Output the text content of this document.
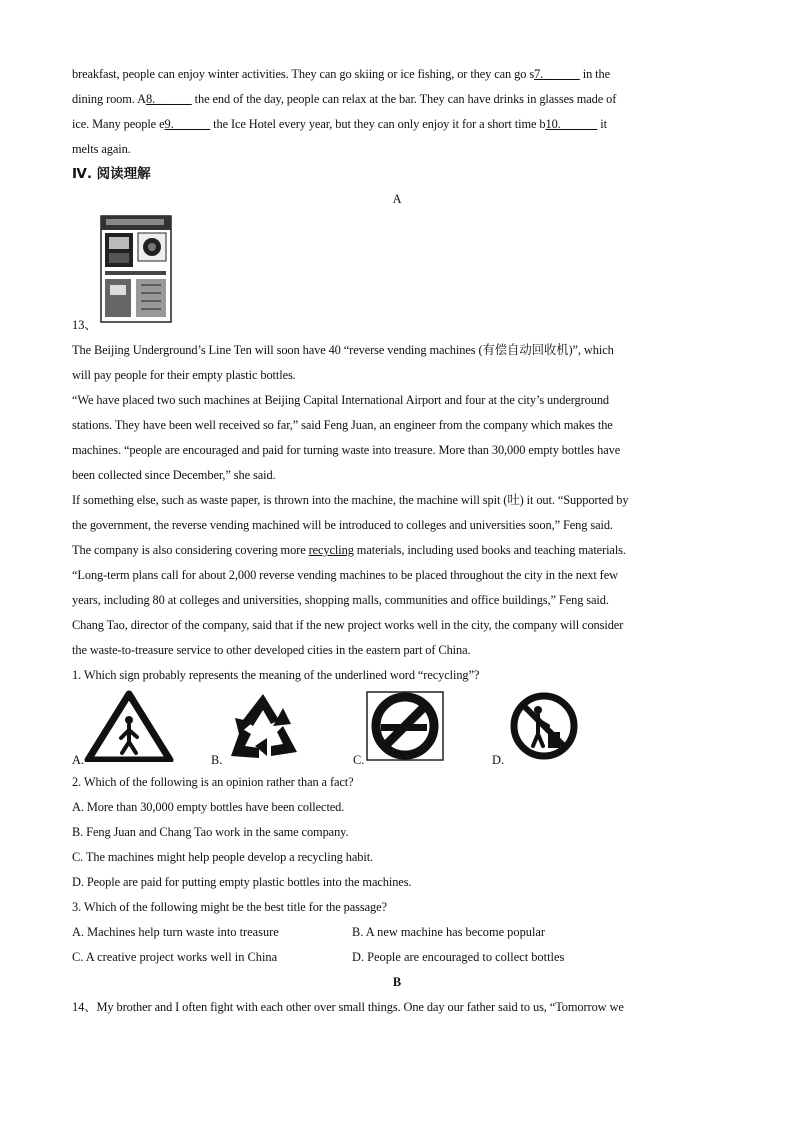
breakfast, people can enjoy winter activities. They can go skiing or ice fishing, or they can go s7.______ in the
dining room. A8.______ the end of the day, people can relax at the bar. They can have drinks in glasses made of
ice. Many people e9.______ the Ice Hotel every year, but they can only enjoy it for a short time b10.______ it
melts again.
Ⅳ. 阅读理解
A
13、
The Beijing Underground’s Line Ten will soon have 40 “reverse vending machines (有偿自动回收机)”, which
will pay people for their empty plastic bottles.
“We have placed two such machines at Beijing Capital International Airport and four at the city’s underground
stations. They have been well received so far,” said Feng Juan, an engineer from the company which makes the
machines. “people are encouraged and paid for turning waste into treasure. More than 30,000 empty bottles have
been collected since December,” she said.
If something else, such as waste paper, is thrown into the machine, the machine will spit (吐) it out. “Supported by
the government, the reverse vending machined will be introduced to colleges and universities soon,” Feng said.
The company is also considering covering more recycling materials, including used books and teaching materials.
“Long-term plans call for about 2,000 reverse vending machines to be placed throughout the city in the next few
years, including 80 at colleges and universities, shopping malls, communities and office buildings,” Feng said.
Chang Tao, director of the company, said that if the new project works well in the city, the company will consider
the waste-to-treasure service to other developed cities in the eastern part of China.
1. Which sign probably represents the meaning of the underlined word “recycling”?
A.	B.	C.	D.
2. Which of the following is an opinion rather than a fact?
A. More than 30,000 empty bottles have been collected.
B. Feng Juan and Chang Tao work in the same company.
C. The machines might help people develop a recycling habit.
D. People are paid for putting empty plastic bottles into the machines.
3. Which of the following might be the best title for the passage?
A. Machines help turn waste into treasure	B. A new machine has become popular
C. A creative project works well in China	D. People are encouraged to collect bottles
B
14、My brother and I often fight with each other over small things. One day our father said to us, “Tomorrow we
